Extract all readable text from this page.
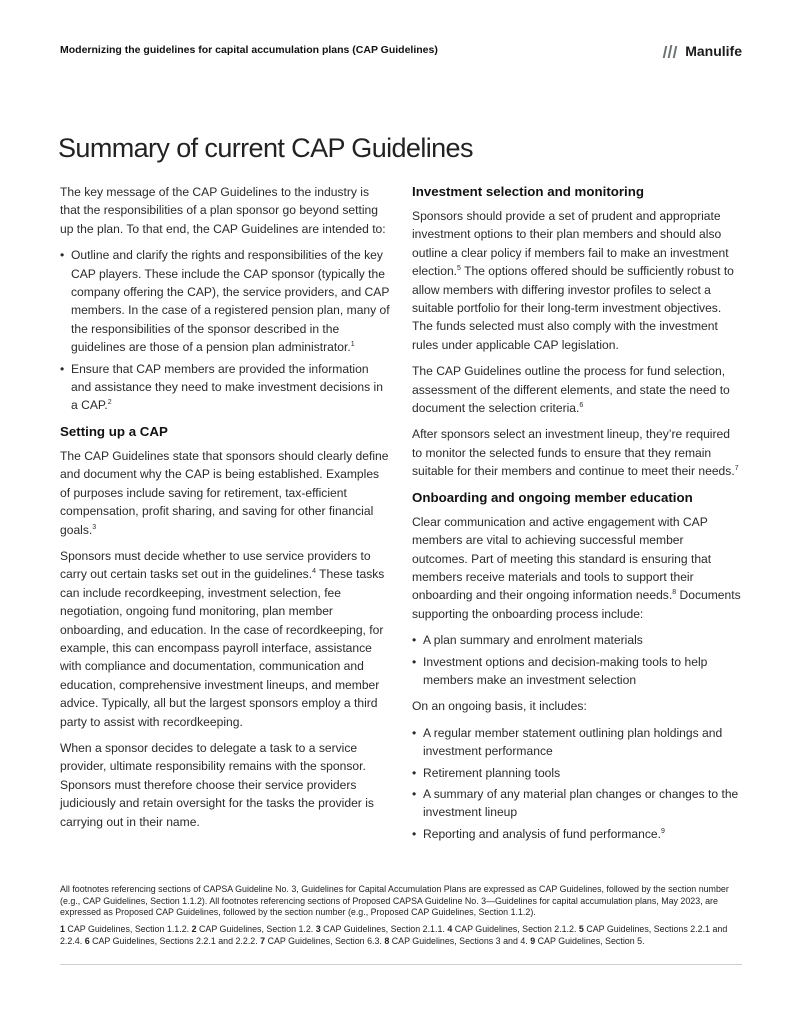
Modernizing the guidelines for capital accumulation plans (CAP Guidelines)	Manulife
Summary of current CAP Guidelines

The key message of the CAP Guidelines to the industry is that the responsibilities of a plan sponsor go beyond setting up the plan. To that end, the CAP Guidelines are intended to:

• Outline and clarify the rights and responsibilities of the key CAP players. These include the CAP sponsor (typically the company offering the CAP), the service providers, and CAP members. In the case of a registered pension plan, many of the responsibilities of the sponsor described in the guidelines are those of a pension plan administrator.$^1$
• Ensure that CAP members are provided the information and assistance they need to make investment decisions in a CAP.$^2$
Setting up a CAP

The CAP Guidelines state that sponsors should clearly define and document why the CAP is being established. Examples of purposes include saving for retirement, tax-efficient compensation, profit sharing, and saving for other financial goals.$^3$

Sponsors must decide whether to use service providers to carry out certain tasks set out in the guidelines.$^4$ These tasks can include recordkeeping, investment selection, fee negotiation, ongoing fund monitoring, plan member onboarding, and education. In the case of recordkeeping, for example, this can encompass payroll interface, assistance with compliance and documentation, communication and education, comprehensive investment lineups, and member advice. Typically, all but the largest sponsors employ a third party to assist with recordkeeping.

When a sponsor decides to delegate a task to a service provider, ultimate responsibility remains with the sponsor. Sponsors must therefore choose their service providers judiciously and retain oversight for the tasks the provider is carrying out in their name.

Investment selection and monitoring

Sponsors should provide a set of prudent and appropriate investment options to their plan members and should also outline a clear policy if members fail to make an investment election.$^5$ The options offered should be sufficiently robust to allow members with differing investor profiles to select a suitable portfolio for their long-term investment objectives. The funds selected must also comply with the investment rules under applicable CAP legislation.

The CAP Guidelines outline the process for fund selection, assessment of the different elements, and state the need to document the selection criteria.$^6$

After sponsors select an investment lineup, they’re required to monitor the selected funds to ensure that they remain suitable for their members and continue to meet their needs.$^7$

Onboarding and ongoing member education

Clear communication and active engagement with CAP members are vital to achieving successful member outcomes. Part of meeting this standard is ensuring that members receive materials and tools to support their onboarding and their ongoing information needs.$^8$ Documents supporting the onboarding process include:

• A plan summary and enrolment materials
• Investment options and decision-making tools to help members make an investment selection

On an ongoing basis, it includes:

• A regular member statement outlining plan holdings and investment performance
• Retirement planning tools
• A summary of any material plan changes or changes to the investment lineup
• Reporting and analysis of fund performance.$^9$

All footnotes referencing sections of CAPSA Guideline No. 3, Guidelines for Capital Accumulation Plans are expressed as CAP Guidelines, followed by the section number (e.g., CAP Guidelines, Section 1.1.2). All footnotes referencing sections of Proposed CAPSA Guideline No. 3—Guidelines for capital accumulation plans, May 2023, are expressed as Proposed CAP Guidelines, followed by the section number (e.g., Proposed CAP Guidelines, Section 1.1.2).

1 CAP Guidelines, Section 1.1.2. 2 CAP Guidelines, Section 1.2. 3 CAP Guidelines, Section 2.1.1. 4 CAP Guidelines, Section 2.1.2. 5 CAP Guidelines, Sections 2.2.1 and 2.2.4. 6 CAP Guidelines, Sections 2.2.1 and 2.2.2. 7 CAP Guidelines, Section 6.3. 8 CAP Guidelines, Sections 3 and 4. 9 CAP Guidelines, Section 5.
